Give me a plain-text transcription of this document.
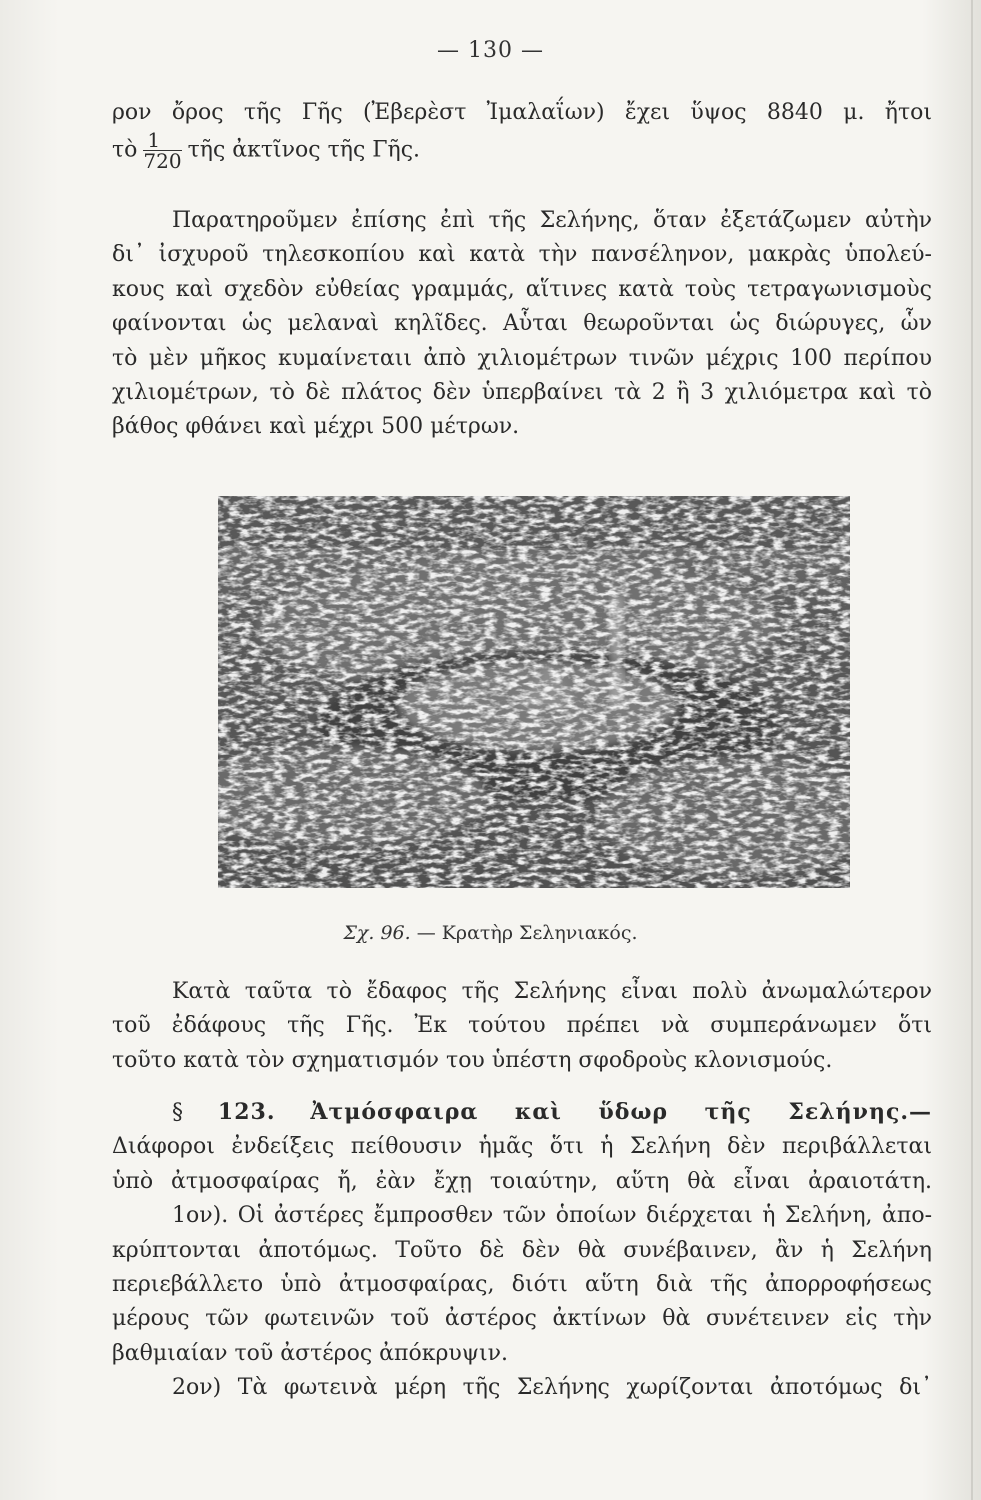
— 130 —
ρον ὄρος τῆς Γῆς (Ἐβερὲστ Ἰμαλαΐων) ἔχει ὕψος 8840 μ. ἤτοι
τὸ $\frac{1}{720}$ τῆς ἀκτῖνος τῆς Γῆς.
Παρατηροῦμεν ἐπίσης ἐπὶ τῆς Σελήνης, ὅταν ἐξετάζωμεν αὐτὴν
δι᾿ ἰσχυροῦ τηλεσκοπίου καὶ κατὰ τὴν πανσέληνον, μακρὰς ὑπολεύ-
κους καὶ σχεδὸν εὐθείας γραμμάς, αἵτινες κατὰ τοὺς τετραγωνισμοὺς
φαίνονται ὡς μελαναὶ κηλῖδες. Αὗται θεωροῦνται ὡς διώρυγες, ὧν
τὸ μὲν μῆκος κυμαίνεταιι ἀπὸ χιλιομέτρων τινῶν μέχρις 100 περίπου
χιλιομέτρων, τὸ δὲ πλάτος δὲν ὑπερβαίνει τὰ 2 ἢ 3 χιλιόμετρα καὶ τὸ
βάθος φθάνει καὶ μέχρι 500 μέτρων.
Σχ. 96. — Κρατὴρ Σεληνιακός.
Κατὰ ταῦτα τὸ ἔδαφος τῆς Σελήνης εἶναι πολὺ ἀνωμαλώτερον
τοῦ ἐδάφους τῆς Γῆς. Ἐκ τούτου πρέπει νὰ συμπεράνωμεν ὅτι
τοῦτο κατὰ τὸν σχηματισμόν του ὑπέστη σφοδροὺς κλονισμούς.
§ 123. Ἀτμόσφαιρα καὶ ὕδωρ τῆς Σελήνης.—
Διάφοροι ἐνδείξεις πείθουσιν ἡμᾶς ὅτι ἡ Σελήνη δὲν περιβάλλεται
ὑπὸ ἀτμοσφαίρας ἤ, ἐὰν ἔχῃ τοιαύτην, αὕτη θὰ εἶναι ἀραιοτάτη.
1ον). Οἱ ἀστέρες ἔμπροσθεν τῶν ὁποίων διέρχεται ἡ Σελήνη, ἀπο-
κρύπτονται ἀποτόμως. Τοῦτο δὲ δὲν θὰ συνέβαινεν, ἂν ἡ Σελήνη
περιεβάλλετο ὑπὸ ἀτμοσφαίρας, διότι αὕτη διὰ τῆς ἀπορροφήσεως
μέρους τῶν φωτεινῶν τοῦ ἀστέρος ἀκτίνων θὰ συνέτεινεν εἰς τὴν
βαθμιαίαν τοῦ ἀστέρος ἀπόκρυψιν.
2ον) Τὰ φωτεινὰ μέρη τῆς Σελήνης χωρίζονται ἀποτόμως δι᾿
